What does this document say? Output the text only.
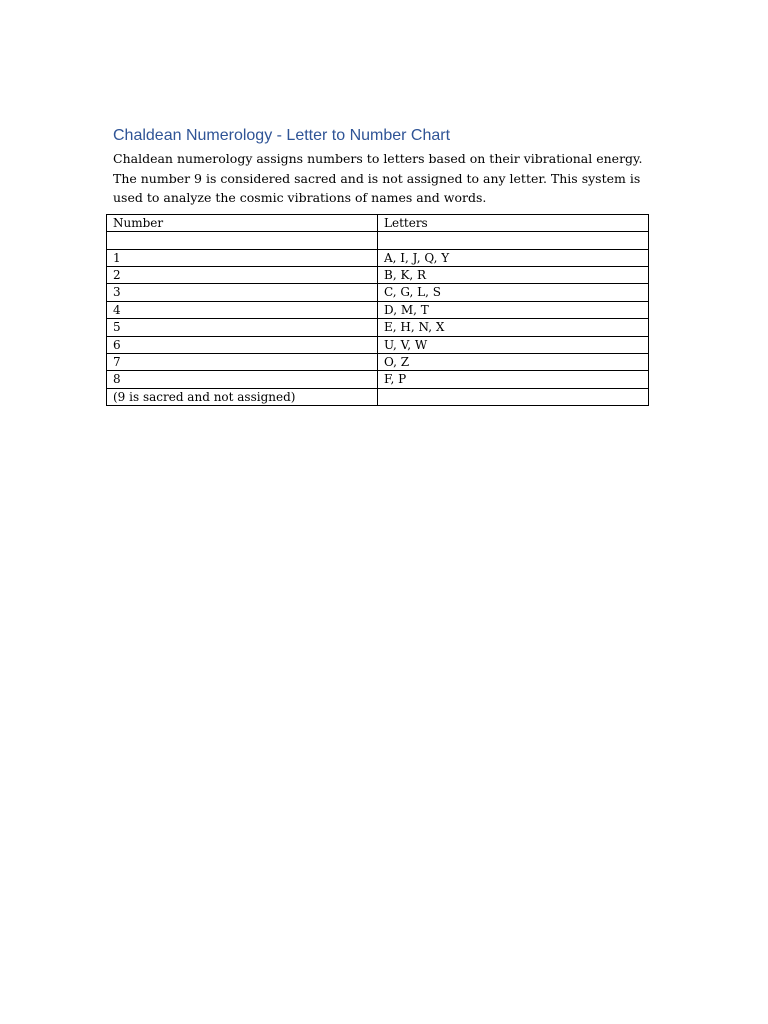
Chaldean Numerology - Letter to Number Chart

Chaldean numerology assigns numbers to letters based on their vibrational energy. The number 9 is considered sacred and is not assigned to any letter. This system is used to analyze the cosmic vibrations of names and words.

Number	Letters

1	A, I, J, Q, Y
2	B, K, R
3	C, G, L, S
4	D, M, T
5	E, H, N, X
6	U, V, W
7	O, Z
8	F, P
(9 is sacred and not assigned)	
